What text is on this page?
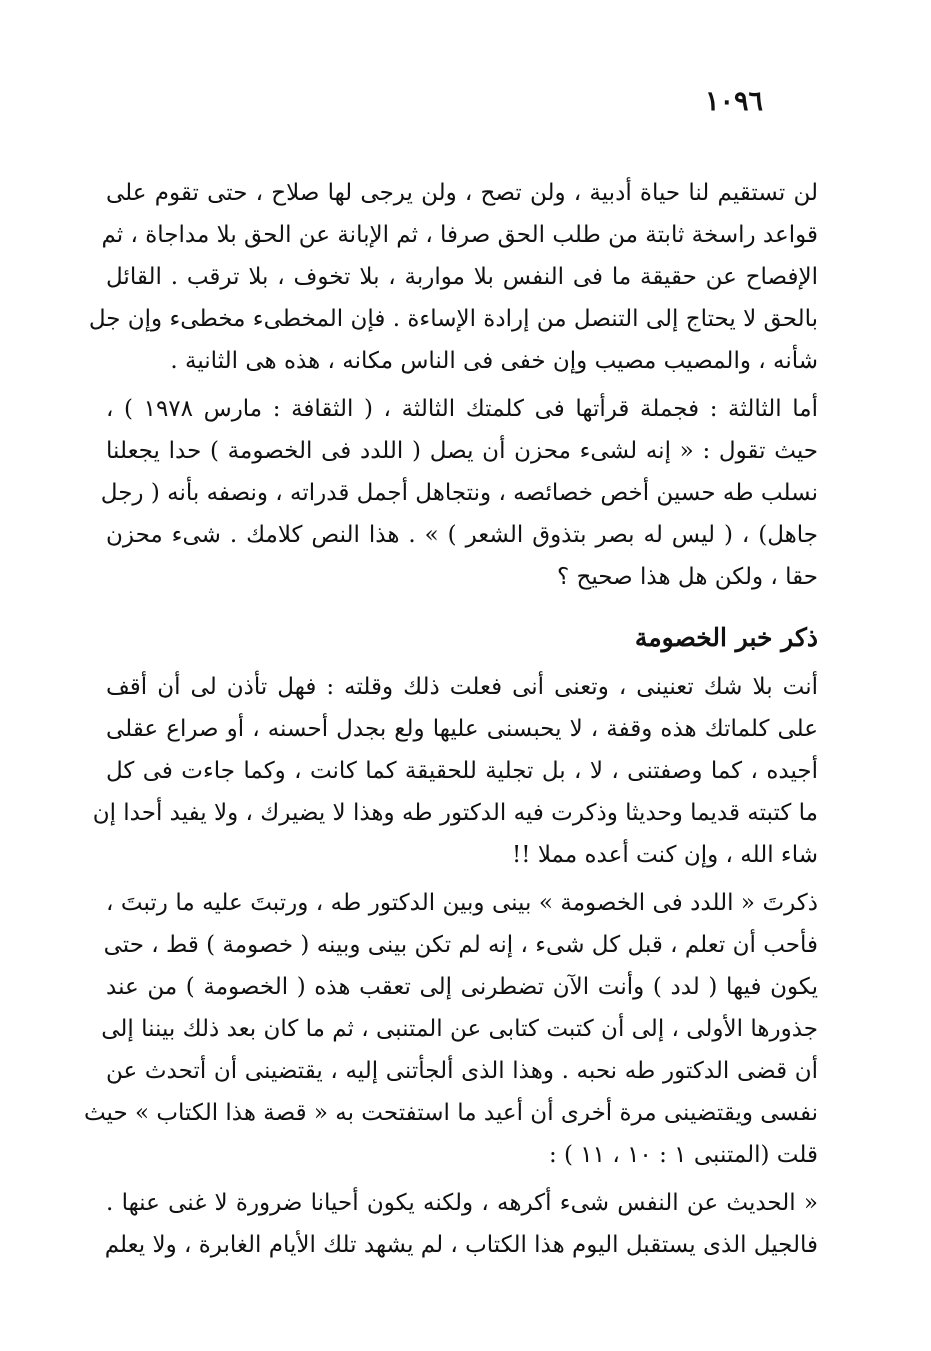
١٠٩٦

لن تستقيم لنا حياة أدبية ، ولن تصح ، ولن يرجى لها صلاح ، حتى تقوم على
قواعد راسخة ثابتة من طلب الحق صرفا ، ثم الإبانة عن الحق بلا مداجاة ، ثم
الإفصاح عن حقيقة ما فى النفس بلا مواربة ، بلا تخوف ، بلا ترقب . القائل
بالحق لا يحتاج إلى التنصل من إرادة الإساءة . فإن المخطىء مخطىء وإن جل
شأنه ، والمصيب مصيب وإن خفى فى الناس مكانه ، هذه هى الثانية .

أما الثالثة : فجملة قرأتها فى كلمتك الثالثة ، ( الثقافة : مارس ١٩٧٨ ) ،
حيث تقول : « إنه لشىء محزن أن يصل ( اللدد فى الخصومة ) حدا يجعلنا
نسلب طه حسين أخص خصائصه ، ونتجاهل أجمل قدراته ، ونصفه بأنه ( رجل
جاهل) ، ( ليس له بصر بتذوق الشعر ) » . هذا النص كلامك . شىء محزن
حقا ، ولكن هل هذا صحيح ؟

ذكر خبر الخصومة

أنت بلا شك تعنينى ، وتعنى أنى فعلت ذلك وقلته : فهل تأذن لى أن أقف
على كلماتك هذه وقفة ، لا يحبسنى عليها ولع بجدل أحسنه ، أو صراع عقلى
أجيده ، كما وصفتنى ، لا ، بل تجلية للحقيقة كما كانت ، وكما جاءت فى كل
ما كتبته قديما وحديثا وذكرت فيه الدكتور طه وهذا لا يضيرك ، ولا يفيد أحدا إن
شاء الله ، وإن كنت أعده مملا !!

ذكرتَ « اللدد فى الخصومة » بينى وبين الدكتور طه ، ورتبتَ عليه ما رتبتَ ،
فأحب أن تعلم ، قبل كل شىء ، إنه لم تكن بينى وبينه ( خصومة ) قط ، حتى
يكون فيها ( لدد ) وأنت الآن تضطرنى إلى تعقب هذه ( الخصومة ) من عند
جذورها الأولى ، إلى أن كتبت كتابى عن المتنبى ، ثم ما كان بعد ذلك بيننا إلى
أن قضى الدكتور طه نحبه . وهذا الذى ألجأتنى إليه ، يقتضينى أن أتحدث عن
نفسى ويقتضينى مرة أخرى أن أعيد ما استفتحت به « قصة هذا الكتاب » حيث
قلت (المتنبى ١ : ١٠ ، ١١ ) :

« الحديث عن النفس شىء أكرهه ، ولكنه يكون أحيانا ضرورة لا غنى عنها .
فالجيل الذى يستقبل اليوم هذا الكتاب ، لم يشهد تلك الأيام الغابرة ، ولا يعلم
